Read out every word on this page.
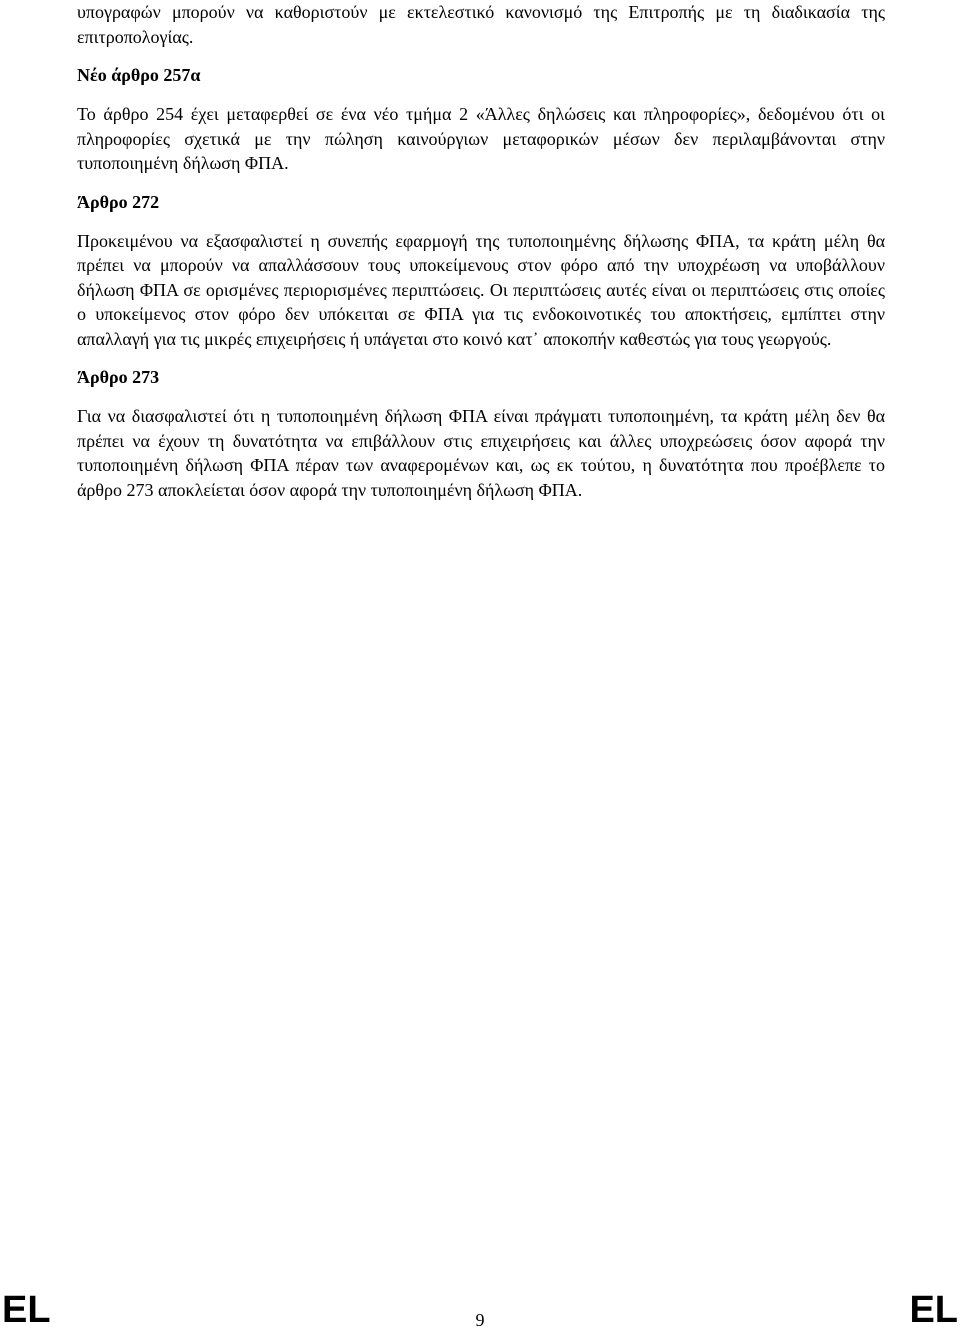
υπογραφών μπορούν να καθοριστούν με εκτελεστικό κανονισμό της Επιτροπής με τη διαδικασία της επιτροπολογίας.

Νέο άρθρο 257α

Το άρθρο 254 έχει μεταφερθεί σε ένα νέο τμήμα 2 «Άλλες δηλώσεις και πληροφορίες», δεδομένου ότι οι πληροφορίες σχετικά με την πώληση καινούργιων μεταφορικών μέσων δεν περιλαμβάνονται στην τυποποιημένη δήλωση ΦΠΑ.

Άρθρο 272

Προκειμένου να εξασφαλιστεί η συνεπής εφαρμογή της τυποποιημένης δήλωσης ΦΠΑ, τα κράτη μέλη θα πρέπει να μπορούν να απαλλάσσουν τους υποκείμενους στον φόρο από την υποχρέωση να υποβάλλουν δήλωση ΦΠΑ σε ορισμένες περιορισμένες περιπτώσεις. Οι περιπτώσεις αυτές είναι οι περιπτώσεις στις οποίες ο υποκείμενος στον φόρο δεν υπόκειται σε ΦΠΑ για τις ενδοκοινοτικές του αποκτήσεις, εμπίπτει στην απαλλαγή για τις μικρές επιχειρήσεις ή υπάγεται στο κοινό κατ᾽ αποκοπήν καθεστώς για τους γεωργούς.

Άρθρο 273

Για να διασφαλιστεί ότι η τυποποιημένη δήλωση ΦΠΑ είναι πράγματι τυποποιημένη, τα κράτη μέλη δεν θα πρέπει να έχουν τη δυνατότητα να επιβάλλουν στις επιχειρήσεις και άλλες υποχρεώσεις όσον αφορά την τυποποιημένη δήλωση ΦΠΑ πέραν των αναφερομένων και, ως εκ τούτου, η δυνατότητα που προέβλεπε το άρθρο 273 αποκλείεται όσον αφορά την τυποποιημένη δήλωση ΦΠΑ.

EL	9	EL
